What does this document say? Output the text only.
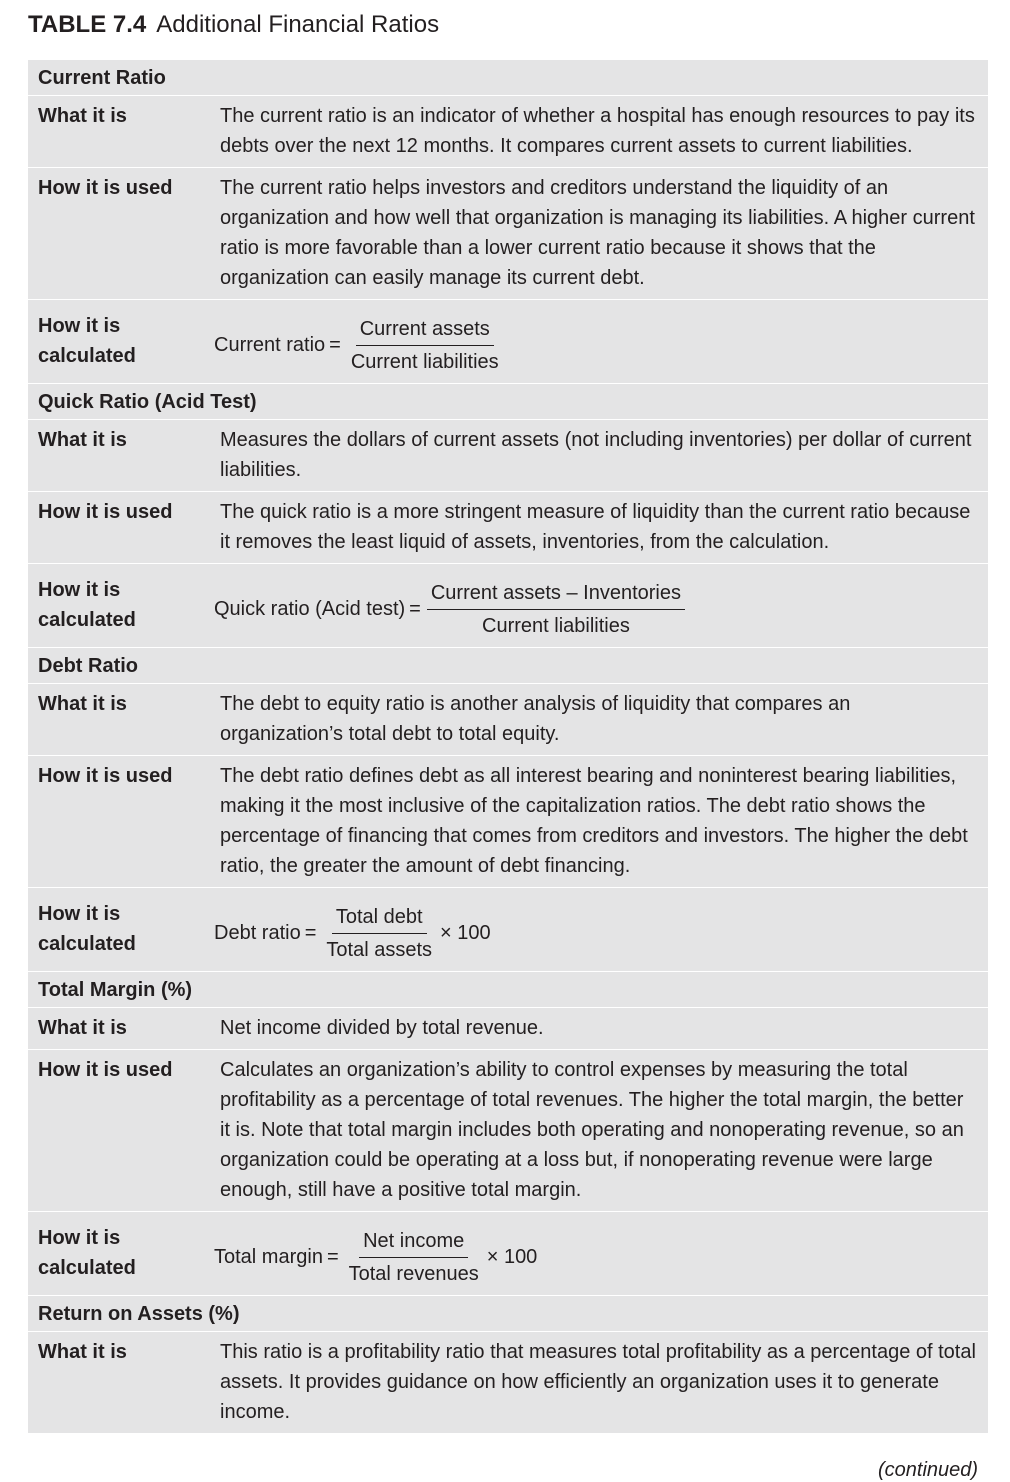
TABLE 7.4 Additional Financial Ratios
Current Ratio
What it is	The current ratio is an indicator of whether a hospital has enough resources to pay its debts over the next 12 months. It compares current assets to current liabilities.
How it is used	The current ratio helps investors and creditors understand the liquidity of an organization and how well that organization is managing its liabilities. A higher current ratio is more favorable than a lower current ratio because it shows that the organization can easily manage its current debt.
How it is
calculated	Current ratio = $\frac{\text{Current assets}}{\text{Current liabilities}}$
Quick Ratio (Acid Test)
What it is	Measures the dollars of current assets (not including inventories) per dollar of current liabilities.
How it is used	The quick ratio is a more stringent measure of liquidity than the current ratio because it removes the least liquid of assets, inventories, from the calculation.
How it is
calculated	Quick ratio (Acid test) = $\frac{\text{Current assets – Inventories}}{\text{Current liabilities}}$
Debt Ratio
What it is	The debt to equity ratio is another analysis of liquidity that compares an organization’s total debt to total equity.
How it is used	The debt ratio defines debt as all interest bearing and noninterest bearing liabilities, making it the most inclusive of the capitalization ratios. The debt ratio shows the percentage of financing that comes from creditors and investors. The higher the debt ratio, the greater the amount of debt financing.
How it is
calculated	Debt ratio = $\frac{\text{Total debt}}{\text{Total assets}} \times 100$
Total Margin (%)
What it is	Net income divided by total revenue.
How it is used	Calculates an organization’s ability to control expenses by measuring the total profitability as a percentage of total revenues. The higher the total margin, the better it is. Note that total margin includes both operating and nonoperating revenue, so an organization could be operating at a loss but, if nonoperating revenue were large enough, still have a positive total margin.
How it is
calculated	Total margin = $\frac{\text{Net income}}{\text{Total revenues}} \times 100$
Return on Assets (%)
What it is	This ratio is a profitability ratio that measures total profitability as a percentage of total assets. It provides guidance on how efficiently an organization uses it to generate income.
(continued)
